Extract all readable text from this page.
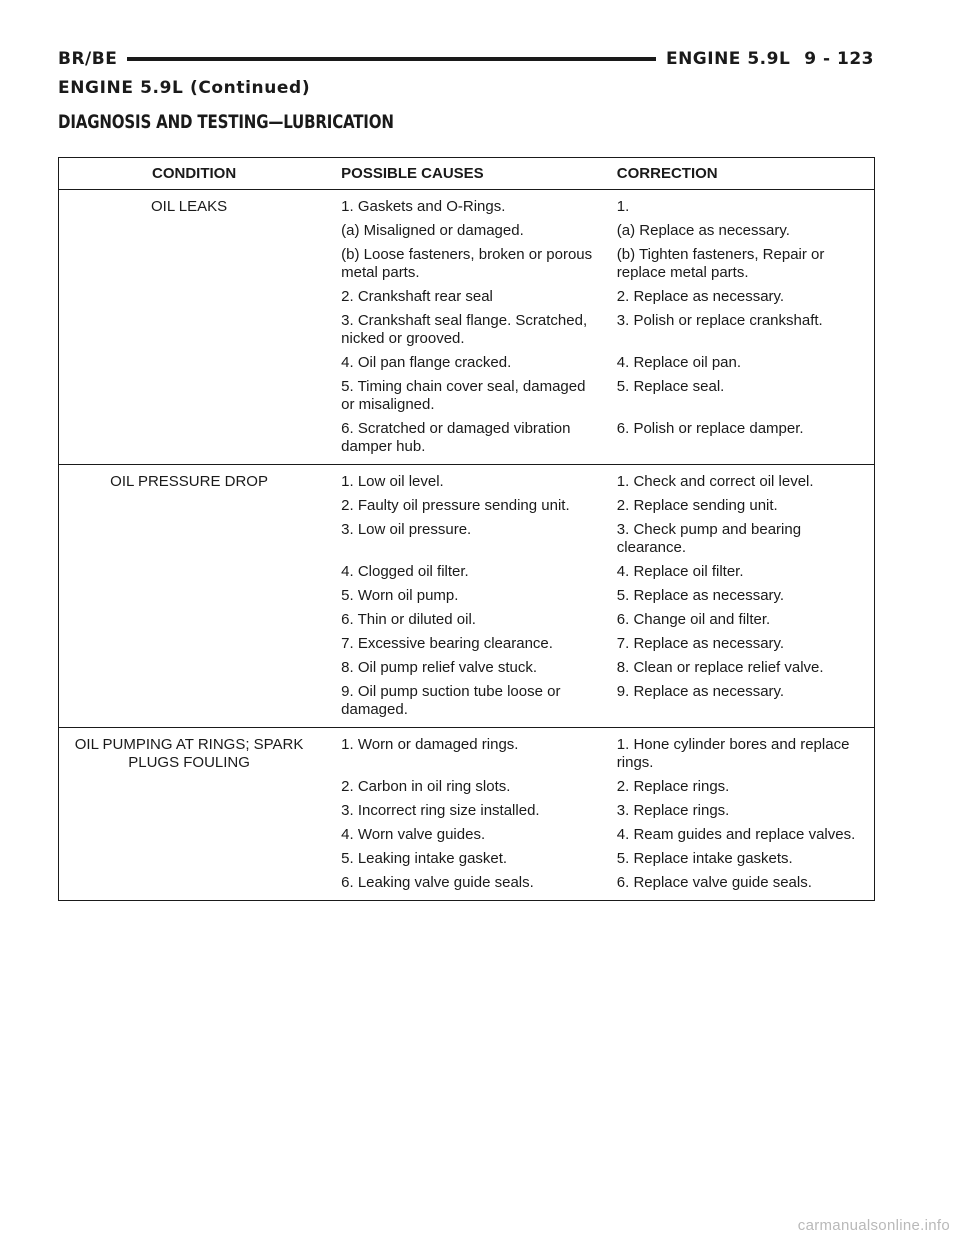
BR/BE	ENGINE 5.9L 9 - 123
ENGINE 5.9L (Continued)
DIAGNOSIS AND TESTING—LUBRICATION
CONDITION	POSSIBLE CAUSES	CORRECTION
OIL LEAKS	1. Gaskets and O-Rings.	1.
	(a) Misaligned or damaged.	(a) Replace as necessary.
	(b) Loose fasteners, broken or porous metal parts.	(b) Tighten fasteners, Repair or replace metal parts.
	2. Crankshaft rear seal	2. Replace as necessary.
	3. Crankshaft seal flange. Scratched, nicked or grooved.	3. Polish or replace crankshaft.
	4. Oil pan flange cracked.	4. Replace oil pan.
	5. Timing chain cover seal, damaged or misaligned.	5. Replace seal.
	6. Scratched or damaged vibration damper hub.	6. Polish or replace damper.
OIL PRESSURE DROP	1. Low oil level.	1. Check and correct oil level.
	2. Faulty oil pressure sending unit.	2. Replace sending unit.
	3. Low oil pressure.	3. Check pump and bearing clearance.
	4. Clogged oil filter.	4. Replace oil filter.
	5. Worn oil pump.	5. Replace as necessary.
	6. Thin or diluted oil.	6. Change oil and filter.
	7. Excessive bearing clearance.	7. Replace as necessary.
	8. Oil pump relief valve stuck.	8. Clean or replace relief valve.
	9. Oil pump suction tube loose or damaged.	9. Replace as necessary.
OIL PUMPING AT RINGS; SPARK PLUGS FOULING	1. Worn or damaged rings.	1. Hone cylinder bores and replace rings.
	2. Carbon in oil ring slots.	2. Replace rings.
	3. Incorrect ring size installed.	3. Replace rings.
	4. Worn valve guides.	4. Ream guides and replace valves.
	5. Leaking intake gasket.	5. Replace intake gaskets.
	6. Leaking valve guide seals.	6. Replace valve guide seals.
carmanualsonline.info
